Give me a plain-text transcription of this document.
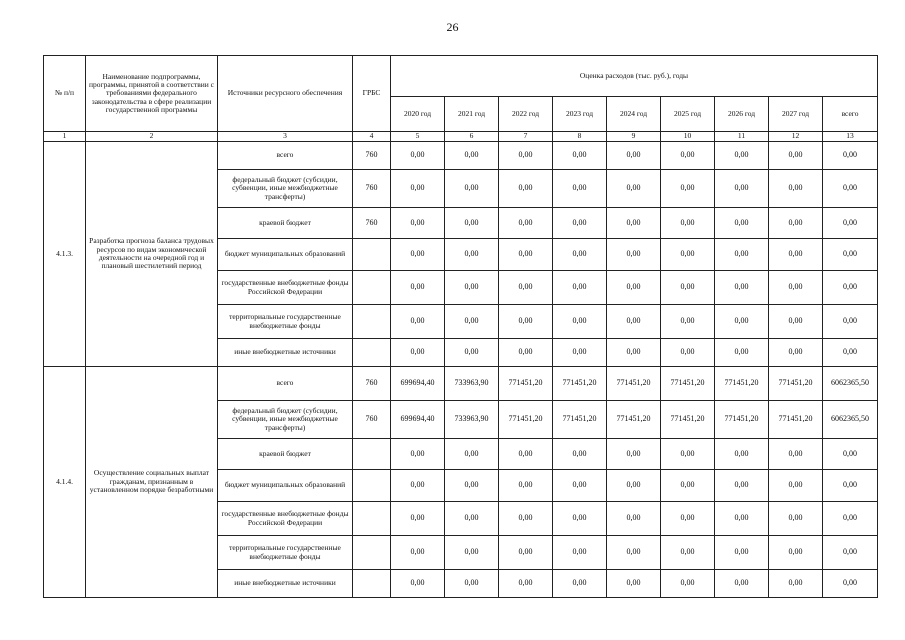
26
№ п/п	Наименование подпрограммы, программы, принятой в соответствии с требованиями федерального законодательства в сфере реализации государственной программы	Источники ресурсного обеспечения	ГРБС	Оценка расходов (тыс. руб.), годы								
				2020 год	2021 год	2022 год	2023 год	2024 год	2025 год	2026 год	2027 год	всего
1	2	3	4	5	6	7	8	9	10	11	12	13
4.1.3.	Разработка прогноза баланса трудовых ресурсов по видам экономической деятельности на очередной год и плановый шестилетний период	всего	760	0,00	0,00	0,00	0,00	0,00	0,00	0,00	0,00	0,00
		федеральный бюджет (субсидии, субвенции, иные межбюджетные трансферты)	760	0,00	0,00	0,00	0,00	0,00	0,00	0,00	0,00	0,00
		краевой бюджет	760	0,00	0,00	0,00	0,00	0,00	0,00	0,00	0,00	0,00
		бюджет муниципальных образований		0,00	0,00	0,00	0,00	0,00	0,00	0,00	0,00	0,00
		государственные внебюджетные фонды Российской Федерации		0,00	0,00	0,00	0,00	0,00	0,00	0,00	0,00	0,00
		территориальные государственные внебюджетные фонды		0,00	0,00	0,00	0,00	0,00	0,00	0,00	0,00	0,00
		иные внебюджетные источники		0,00	0,00	0,00	0,00	0,00	0,00	0,00	0,00	0,00
4.1.4.	Осуществление социальных выплат гражданам, признанным в установленном порядке безработными	всего	760	699694,40	733963,90	771451,20	771451,20	771451,20	771451,20	771451,20	771451,20	6062365,50
		федеральный бюджет (субсидии, субвенции, иные межбюджетные трансферты)	760	699694,40	733963,90	771451,20	771451,20	771451,20	771451,20	771451,20	771451,20	6062365,50
		краевой бюджет		0,00	0,00	0,00	0,00	0,00	0,00	0,00	0,00	0,00
		бюджет муниципальных образований		0,00	0,00	0,00	0,00	0,00	0,00	0,00	0,00	0,00
		государственные внебюджетные фонды Российской Федерации		0,00	0,00	0,00	0,00	0,00	0,00	0,00	0,00	0,00
		территориальные государственные внебюджетные фонды		0,00	0,00	0,00	0,00	0,00	0,00	0,00	0,00	0,00
		иные внебюджетные источники		0,00	0,00	0,00	0,00	0,00	0,00	0,00	0,00	0,00
